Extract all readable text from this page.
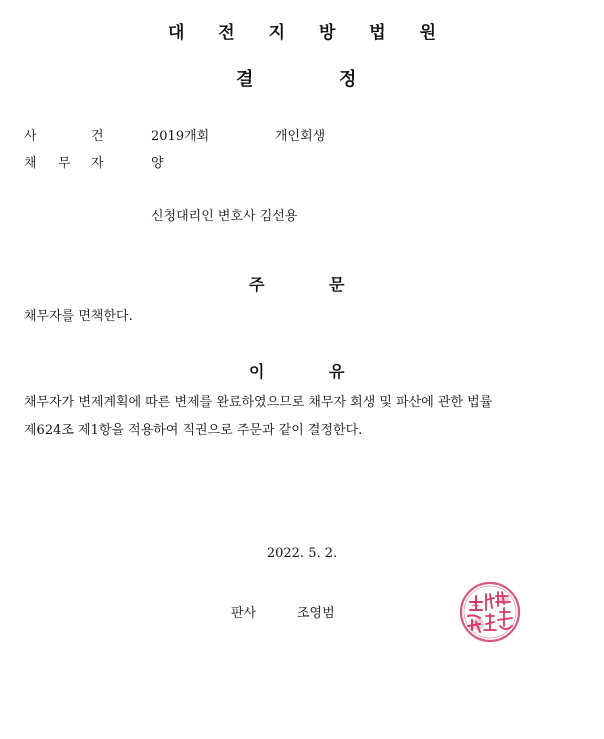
대 전 지 방 법 원
결	정
사	건	2019개회	개인회생
채 무 자	양
신청대리인 변호사 김선용
주	문
채무자를 면책한다.
이	유
채무자가 변제계획에 따른 변제를 완료하였으므로 채무자 회생 및 파산에 관한 법률
제624조 제1항을 적용하여 직권으로 주문과 같이 결정한다.
2022. 5. 2.
판사	조영범
